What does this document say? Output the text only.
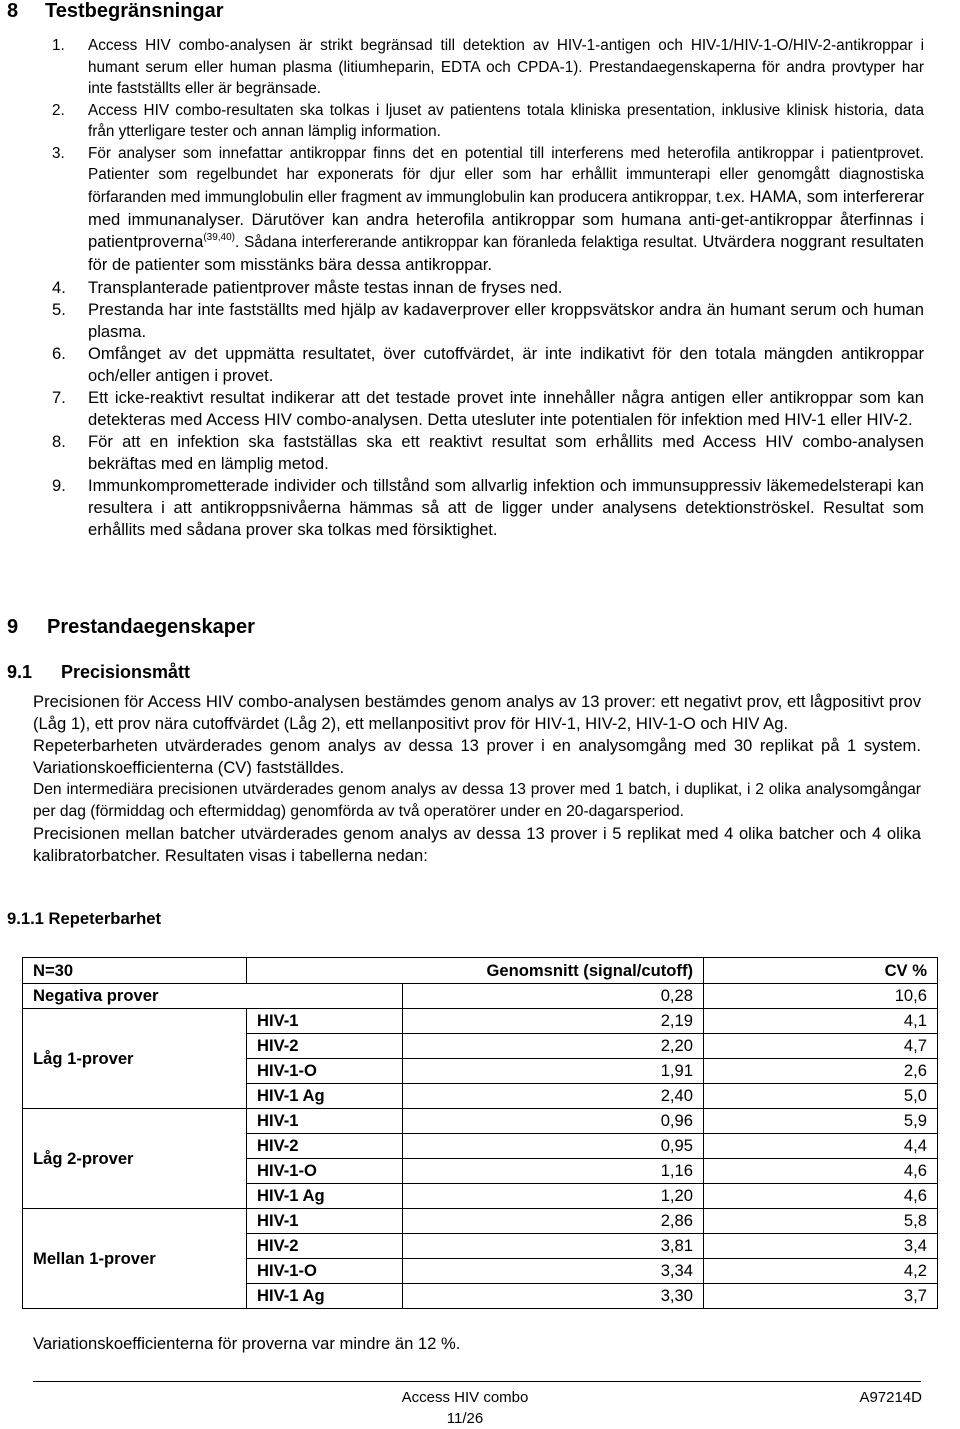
8 Testbegränsningar
1. Access HIV combo-analysen är strikt begränsad till detektion av HIV-1-antigen och HIV-1/HIV-1-O/HIV-2-antikroppar i humant serum eller human plasma (litiumheparin, EDTA och CPDA-1). Prestandaegenskaperna för andra provtyper har inte fastställts eller är begränsade.

2. Access HIV combo-resultaten ska tolkas i ljuset av patientens totala kliniska presentation, inklusive klinisk historia, data från ytterligare tester och annan lämplig information.

3. För analyser som innefattar antikroppar finns det en potential till interferens med heterofila antikroppar i patientprovet. Patienter som regelbundet har exponerats för djur eller som har erhållit immunterapi eller genomgått diagnostiska förfaranden med immunglobulin eller fragment av immunglobulin kan producera antikroppar, t.ex. HAMA, som interfererar med immunanalyser. Därutöver kan andra heterofila antikroppar som humana anti-get-antikroppar återfinnas i patientproverna$^{(39,40)}$. Sådana interfererande antikroppar kan föranleda felaktiga resultat. Utvärdera noggrant resultaten för de patienter som misstänks bära dessa antikroppar.

4. Transplanterade patientprover måste testas innan de fryses ned.

5. Prestanda har inte fastställts med hjälp av kadaverprover eller kroppsvätskor andra än humant serum och human plasma.

6. Omfånget av det uppmätta resultatet, över cutoffvärdet, är inte indikativt för den totala mängden antikroppar och/eller antigen i provet.

7. Ett icke-reaktivt resultat indikerar att det testade provet inte innehåller några antigen eller antikroppar som kan detekteras med Access HIV combo-analysen. Detta utesluter inte potentialen för infektion med HIV-1 eller HIV-2.

8. För att en infektion ska fastställas ska ett reaktivt resultat som erhållits med Access HIV combo-analysen bekräftas med en lämplig metod.

9. Immunkomprometterade individer och tillstånd som allvarlig infektion och immunsuppressiv läkemedelsterapi kan resultera i att antikroppsnivåerna hämmas så att de ligger under analysens detektionströskel. Resultat som erhållits med sådana prover ska tolkas med försiktighet.

9 Prestandaegenskaper
9.1 Precisionsmått

Precisionen för Access HIV combo-analysen bestämdes genom analys av 13 prover: ett negativt prov, ett lågpositivt prov (Låg 1), ett prov nära cutoffvärdet (Låg 2), ett mellanpositivt prov för HIV-1, HIV-2, HIV-1-O och HIV Ag.

Repeterbarheten utvärderades genom analys av dessa 13 prover i en analysomgång med 30 replikat på 1 system. Variationskoefficienterna (CV) fastställdes.

Den intermediära precisionen utvärderades genom analys av dessa 13 prover med 1 batch, i duplikat, i 2 olika analysomgångar per dag (förmiddag och eftermiddag) genomförda av två operatörer under en 20-dagarsperiod.

Precisionen mellan batcher utvärderades genom analys av dessa 13 prover i 5 replikat med 4 olika batcher och 4 olika kalibratorbatcher. Resultaten visas i tabellerna nedan:

9.1.1 Repeterbarhet
N=30	Genomsnitt (signal/cutoff)		CV %
Negativa prover		0,28	10,6
Låg 1-prover	HIV-1	2,19	4,1
	HIV-2	2,20	4,7
	HIV-1-O	1,91	2,6
	HIV-1 Ag	2,40	5,0
Låg 2-prover	HIV-1	0,96	5,9
	HIV-2	0,95	4,4
	HIV-1-O	1,16	4,6
	HIV-1 Ag	1,20	4,6
Mellan 1-prover	HIV-1	2,86	5,8
	HIV-2	3,81	3,4
	HIV-1-O	3,34	4,2
	HIV-1 Ag	3,30	3,7
Variationskoefficienterna för proverna var mindre än 12 %.
Access HIV combo
11/26
A97214D
